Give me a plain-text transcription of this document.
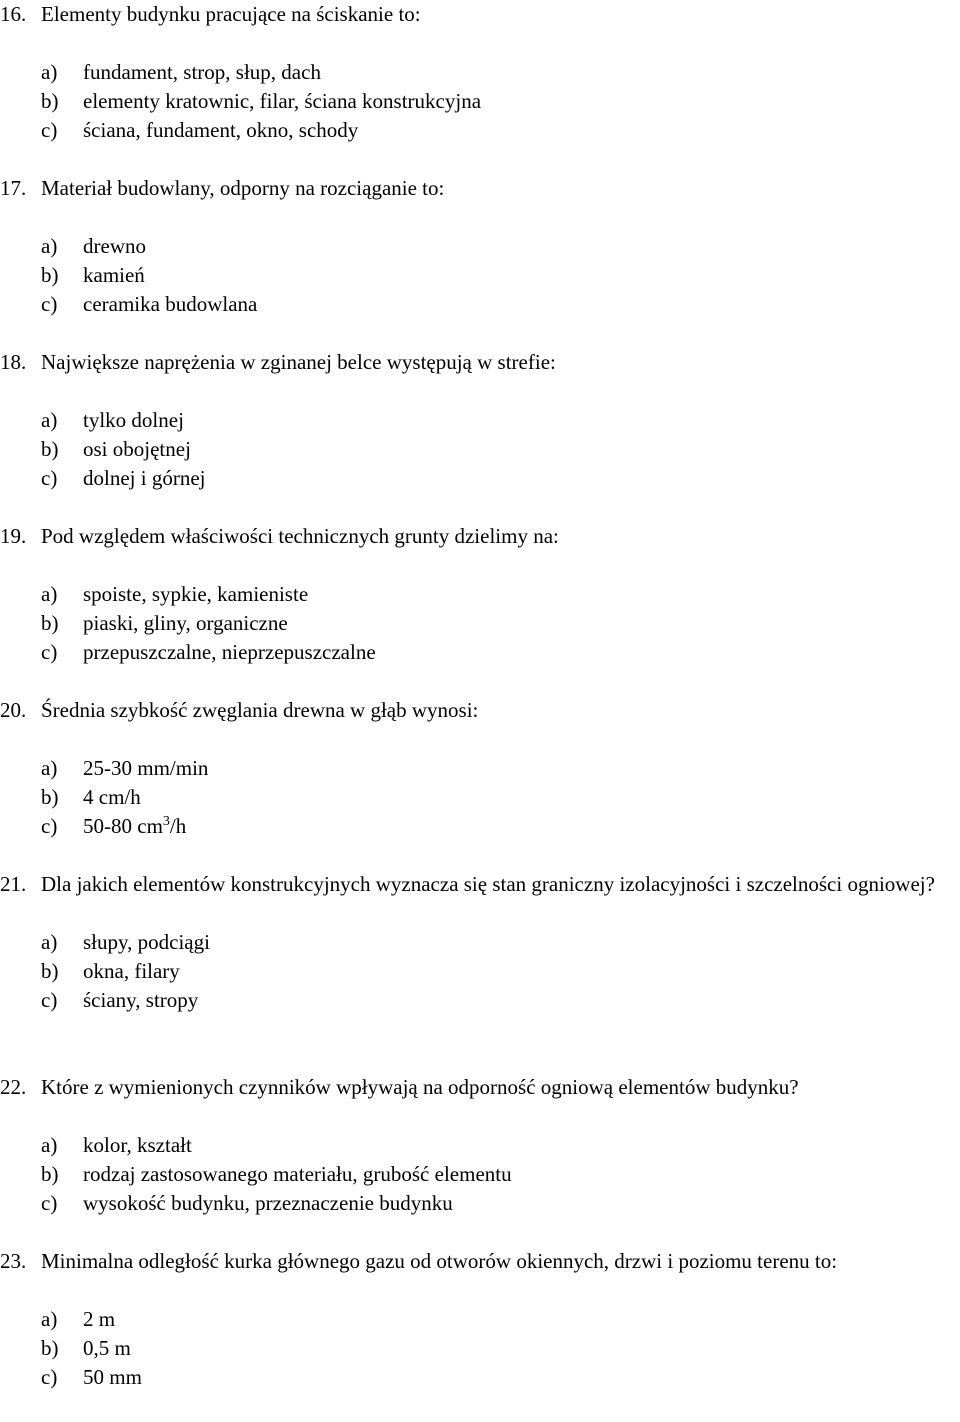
16. Elementy budynku pracujące na ściskanie to:
a)	fundament, strop, słup, dach
b)	elementy kratownic, filar, ściana konstrukcyjna
c)	ściana, fundament, okno, schody
17. Materiał budowlany, odporny na rozciąganie to:
a)	drewno
b)	kamień
c)	ceramika budowlana
18. Największe naprężenia w zginanej belce występują w strefie:
a)	tylko dolnej
b)	osi obojętnej
c)	dolnej i górnej
19. Pod względem właściwości technicznych grunty dzielimy na:
a)	spoiste, sypkie, kamieniste
b)	piaski, gliny, organiczne
c)	przepuszczalne, nieprzepuszczalne
20. Średnia szybkość zwęglania drewna w głąb wynosi:
a)	25-30 mm/min
b)	4 cm/h
c)	50-80 $cm^3/h$
21. Dla jakich elementów konstrukcyjnych wyznacza się stan graniczny izolacyjności i szczelności ogniowej?
a)	słupy, podciągi
b)	okna, filary
c)	ściany, stropy
22. Które z wymienionych czynników wpływają na odporność ogniową elementów budynku?
a)	kolor, kształt
b)	rodzaj zastosowanego materiału, grubość elementu
c)	wysokość budynku, przeznaczenie budynku
23. Minimalna odległość kurka głównego gazu od otworów okiennych, drzwi i poziomu terenu to:
a)	2 m
b)	0,5 m
c)	50 mm
